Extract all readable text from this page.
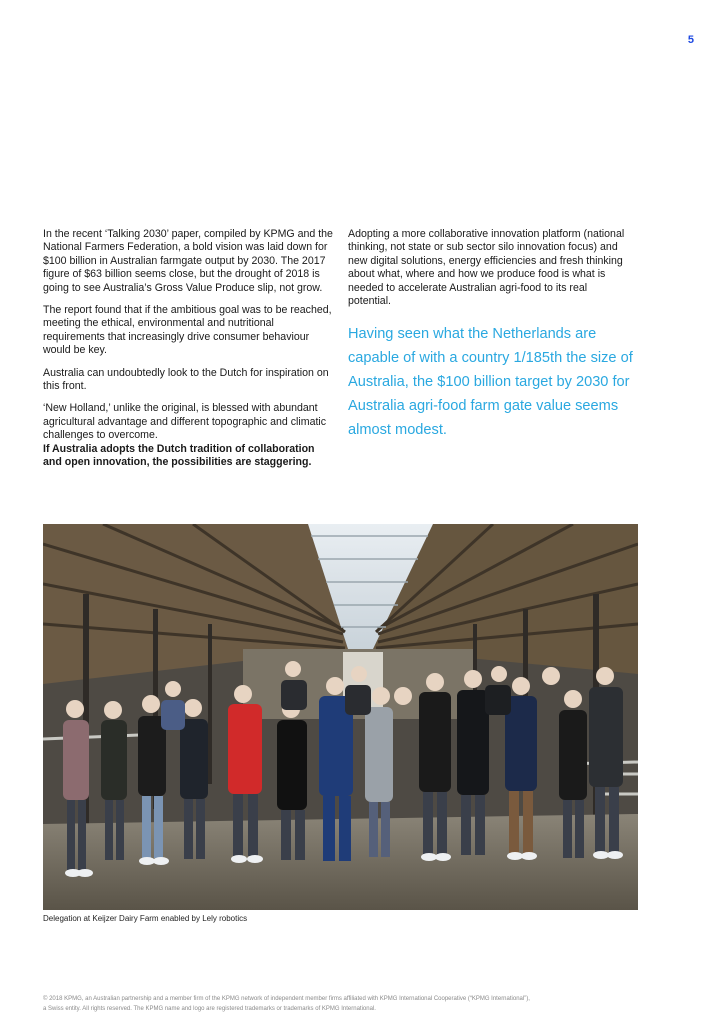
5

In the recent ‘Talking 2030’ paper, compiled by KPMG and the National Farmers Federation, a bold vision was laid down for $100 billion in Australian farmgate output by 2030. The 2017 figure of $63 billion seems close, but the drought of 2018 is going to see Australia’s Gross Value Produce slip, not grow.

The report found that if the ambitious goal was to be reached, meeting the ethical, environmental and nutritional requirements that increasingly drive consumer behaviour would be key.

Australia can undoubtedly look to the Dutch for inspiration on this front.

‘New Holland,’ unlike the original, is blessed with abundant agricultural advantage and different topographic and climatic challenges to overcome.
If Australia adopts the Dutch tradition of collaboration and open innovation, the possibilities are staggering.

Adopting a more collaborative innovation platform (national thinking, not state or sub sector silo innovation focus) and new digital solutions, energy efficiencies and fresh thinking about what, where and how we produce food is what is needed to accelerate Australian agri-food to its real potential.

Having seen what the Netherlands are capable of with a country 1/185th the size of Australia, the $100 billion target by 2030 for Australia agri-food farm gate value seems almost modest.
Delegation at Keijzer Dairy Farm enabled by Lely robotics
© 2018 KPMG, an Australian partnership and a member firm of the KPMG network of independent member firms affiliated with KPMG International Cooperative (“KPMG International”),
a Swiss entity. All rights reserved. The KPMG name and logo are registered trademarks or trademarks of KPMG International.
